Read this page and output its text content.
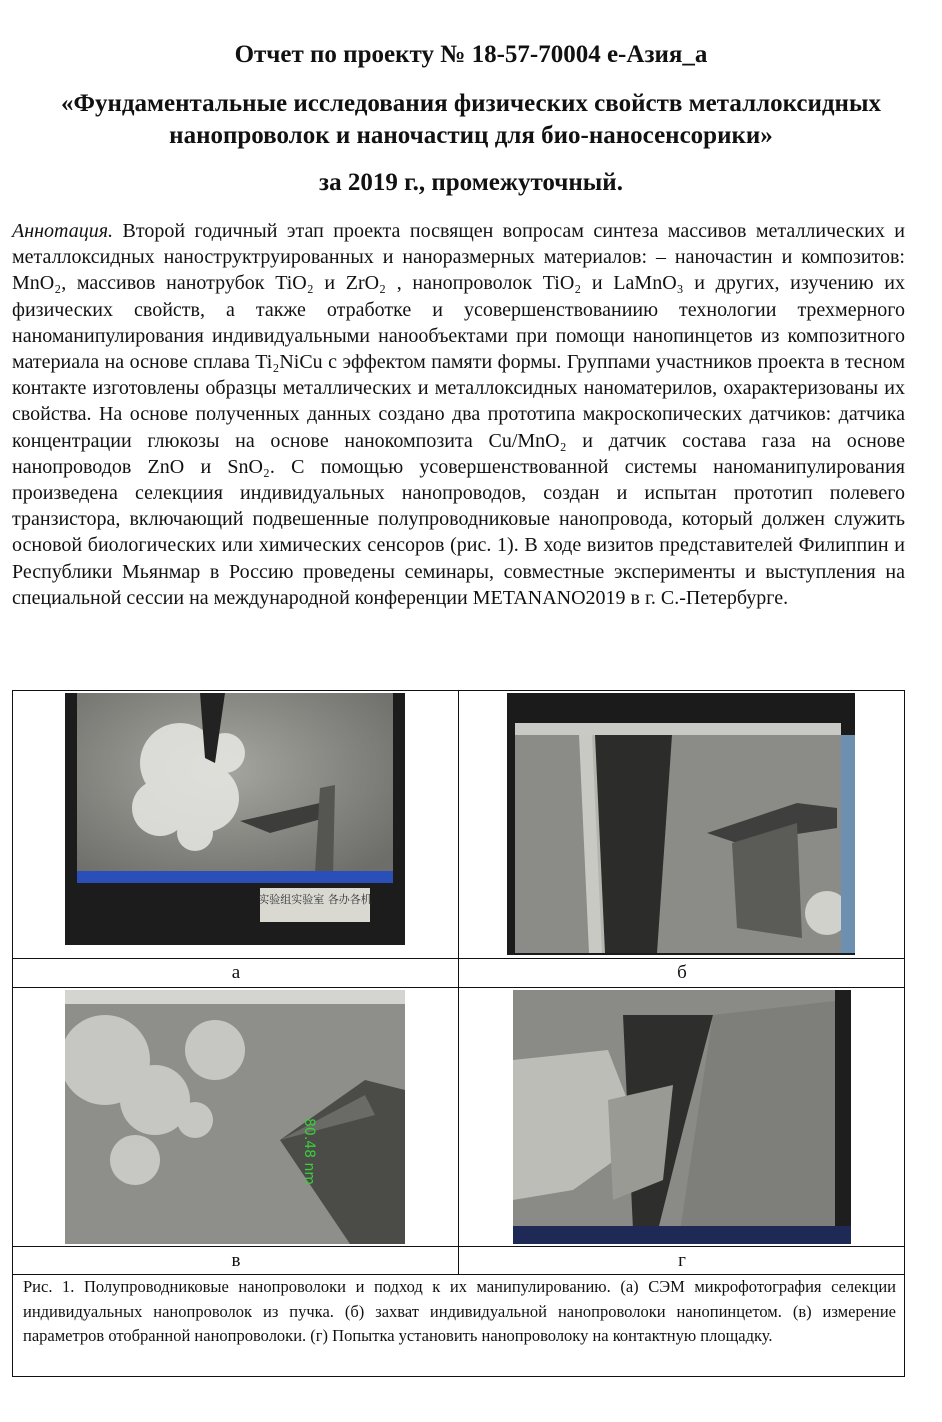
Отчет по проекту № 18-57-70004 е-Азия_а
«Фундаментальные исследования физических свойств металлоксидных
нанопроволок и наночастиц для био-наносенсорики»
за 2019 г., промежуточный.
Аннотация. Второй годичный этап проекта посвящен вопросам синтеза массивов металлических и металлоксидных наноструктруированных и наноразмерных материалов: – наночастин и композитов: MnO₂, массивов нанотрубок TiO₂ и ZrO₂ , нанопроволок TiO₂ и LaMnO₃ и других, изучению их физических свойств, а также отработке и усовершенствованиию технологии трехмерного наноманипулирования индивидуальными нанообъектами при помощи нанопинцетов из композитного материала на основе сплава Ti₂NiCu с эффектом памяти формы. Группами участников проекта в тесном контакте изготовлены образцы металлических и металлоксидных наноматерилов, охарактеризованы их свойства. На основе полученных данных создано два прототипа макроскопических датчиков: датчика концентрации глюкозы на основе нанокомпозита Cu/MnO₂ и датчик состава газа на основе нанопроводов ZnO и SnO₂. С помощью усовершенствованной системы наноманипулирования произведена селекциия индивидуальных нанопроводов, создан и испытан прототип полевего транзистора, включающий подвешенные полупроводниковые нанопровода, который должен служить основой биологических или химических сенсоров (рис. 1). В ходе визитов представителей Филиппин и Республики Мьянмар в Россию проведены семинары, совместные эксперименты и выступления на специальной сессии на международной конференции METANANO2019 в г. С.-Петербурге.
实验组实验室 各办各机
а	б
80.48 nm
в	г
Рис. 1. Полупроводниковые нанопроволоки и подход к их манипулированию. (а) СЭМ микрофотография селекции индивидуальных нанопроволок из пучка. (б) захват индивидуальной нанопроволоки нанопинцетом. (в) измерение параметров отобранной нанопроволоки. (г) Попытка установить нанопроволоку на контактную площадку.
